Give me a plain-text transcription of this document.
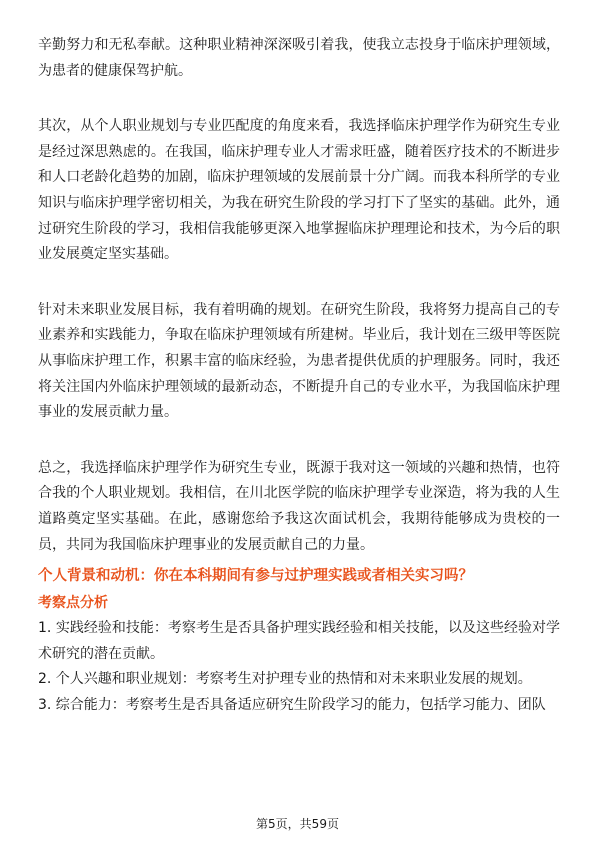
辛勤努力和无私奉献。这种职业精神深深吸引着我，使我立志投身于临床护理领域，为患者的健康保驾护航。

其次，从个人职业规划与专业匹配度的角度来看，我选择临床护理学作为研究生专业是经过深思熟虑的。在我国，临床护理专业人才需求旺盛，随着医疗技术的不断进步和人口老龄化趋势的加剧，临床护理领域的发展前景十分广阔。而我本科所学的专业知识与临床护理学密切相关，为我在研究生阶段的学习打下了坚实的基础。此外，通过研究生阶段的学习，我相信我能够更深入地掌握临床护理理论和技术，为今后的职业发展奠定坚实基础。

针对未来职业发展目标，我有着明确的规划。在研究生阶段，我将努力提高自己的专业素养和实践能力，争取在临床护理领域有所建树。毕业后，我计划在三级甲等医院从事临床护理工作，积累丰富的临床经验，为患者提供优质的护理服务。同时，我还将关注国内外临床护理领域的最新动态，不断提升自己的专业水平，为我国临床护理事业的发展贡献力量。

总之，我选择临床护理学作为研究生专业，既源于我对这一领域的兴趣和热情，也符合我的个人职业规划。我相信，在川北医学院的临床护理学专业深造，将为我的人生道路奠定坚实基础。在此，感谢您给予我这次面试机会，我期待能够成为贵校的一员，共同为我国临床护理事业的发展贡献自己的力量。

个人背景和动机：你在本科期间有参与过护理实践或者相关实习吗？

考察点分析

1. 实践经验和技能：考察考生是否具备护理实践经验和相关技能，以及这些经验对学术研究的潜在贡献。
2. 个人兴趣和职业规划：考察考生对护理专业的热情和对未来职业发展的规划。
3. 综合能力：考察考生是否具备适应研究生阶段学习的能力，包括学习能力、团队
第5页，共59页
